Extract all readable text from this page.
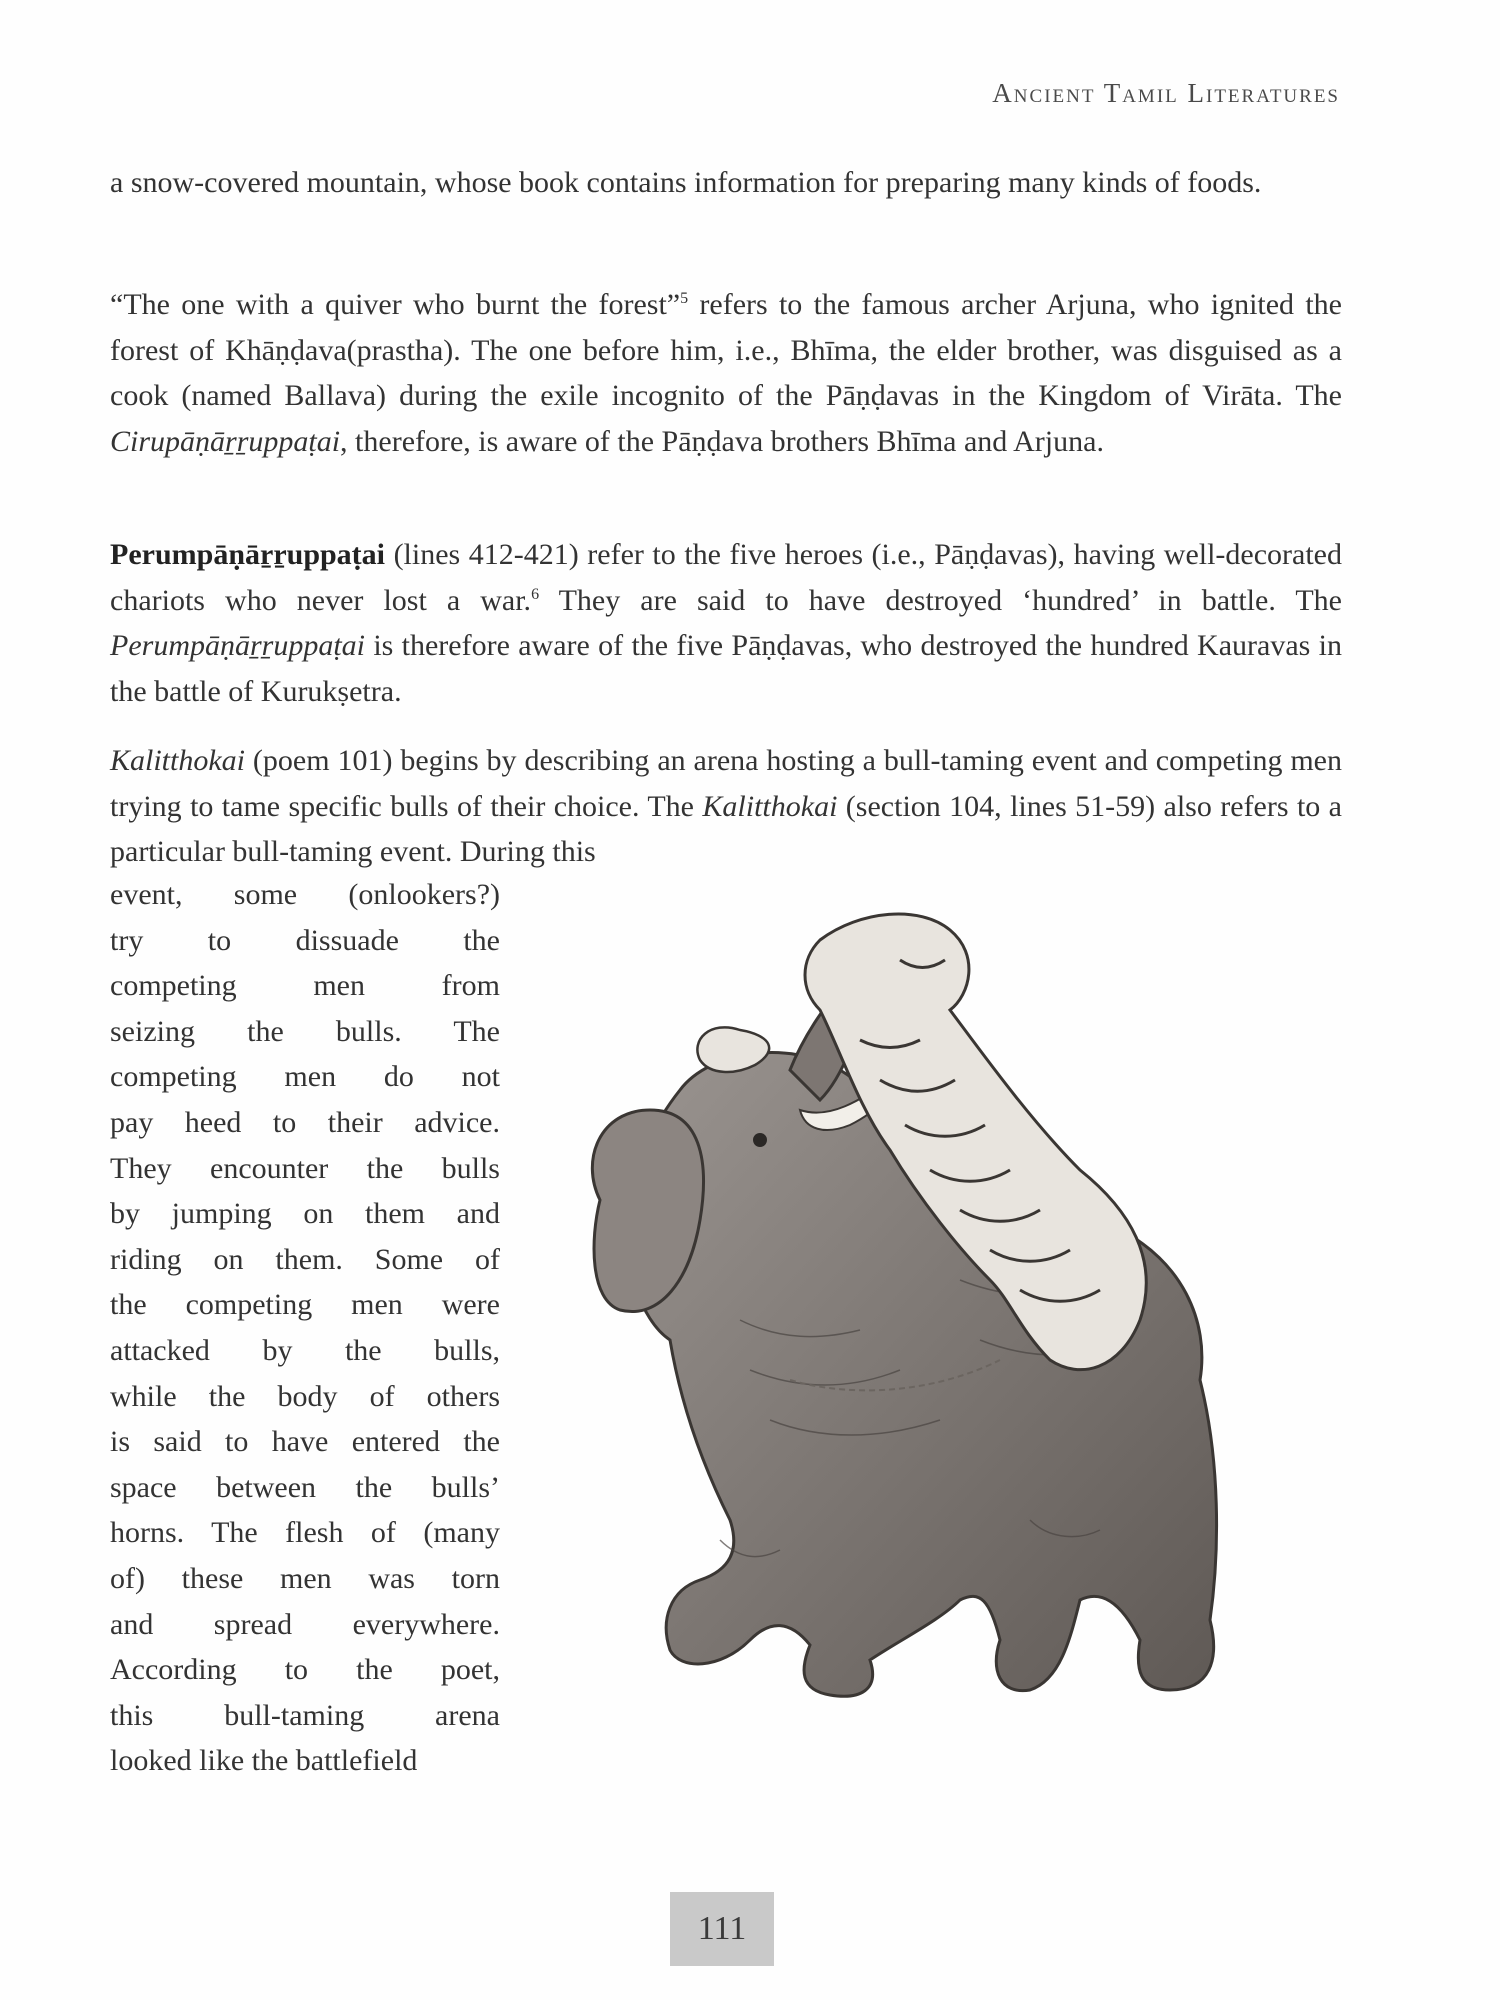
Ancient Tamil Literatures
a snow-covered mountain, whose book contains information for preparing many kinds of foods.
“The one with a quiver who burnt the forest”$^5$ refers to the famous archer Arjuna, who ignited the forest of Khāṇḍava(prastha). The one before him, i.e., Bhīma, the elder brother, was disguised as a cook (named Ballava) during the exile incognito of the Pāṇḍavas in the Kingdom of Virāta. The Cirupāṇāṟṟuppaṭai, therefore, is aware of the Pāṇḍava brothers Bhīma and Arjuna.
Perumpāṇāṟṟuppaṭai (lines 412-421) refer to the five heroes (i.e., Pāṇḍavas), having well-decorated chariots who never lost a war.$^6$ They are said to have destroyed ‘hundred’ in battle. The Perumpāṇāṟṟuppaṭai is therefore aware of the five Pāṇḍavas, who destroyed the hundred Kauravas in the battle of Kurukṣetra.
Kalitthokai (poem 101) begins by describing an arena hosting a bull-taming event and competing men trying to tame specific bulls of their choice. The Kalitthokai (section 104, lines 51-59) also refers to a particular bull-taming event. During this
event, some (onlookers?)
try to dissuade the
competing men from
seizing the bulls. The
competing men do not
pay heed to their advice.
They encounter the bulls
by jumping on them and
riding on them. Some of
the competing men were
attacked by the bulls,
while the body of others
is said to have entered the
space between the bulls’
horns. The flesh of (many
of) these men was torn
and spread everywhere.
According to the poet,
this bull-taming arena
looked like the battlefield
111
